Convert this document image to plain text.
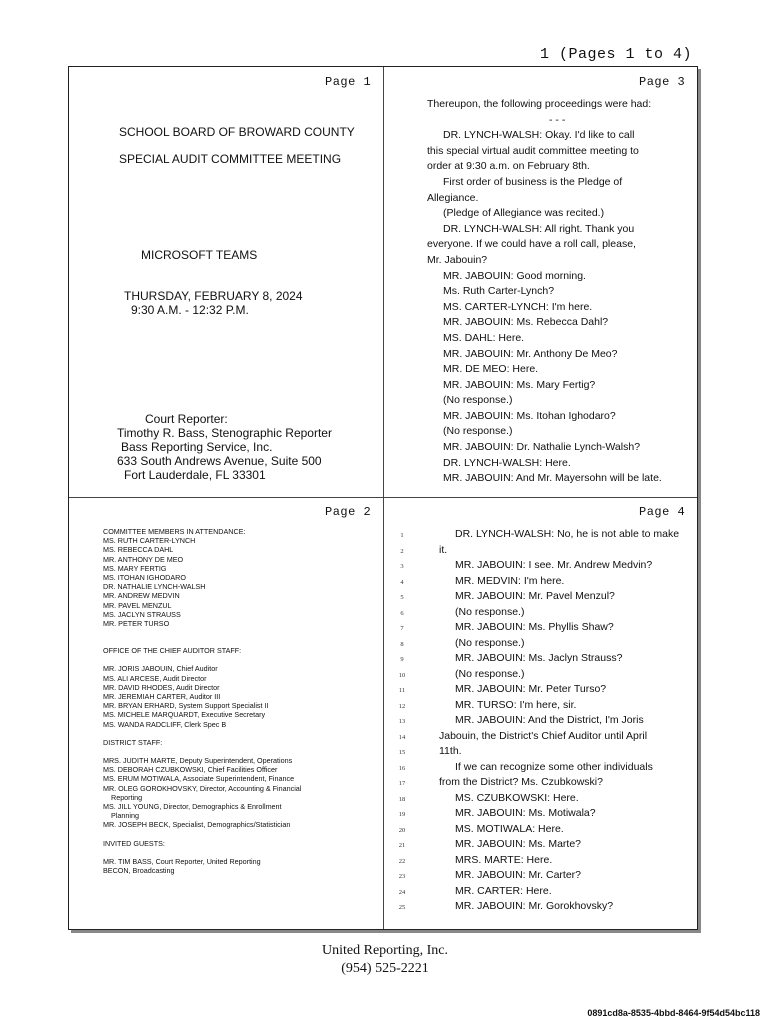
1 (Pages 1 to 4)
Page 1
SCHOOL BOARD OF BROWARD COUNTY
SPECIAL AUDIT COMMITTEE MEETING
MICROSOFT TEAMS
THURSDAY, FEBRUARY 8, 2024
9:30 A.M. - 12:32 P.M.
Court Reporter:
Timothy R. Bass, Stenographic Reporter
Bass Reporting Service, Inc.
633 South Andrews Avenue, Suite 500
Fort Lauderdale, FL 33301
Page 3
Thereupon, the following proceedings were had:
- - -
DR. LYNCH-WALSH: Okay. I'd like to call
this special virtual audit committee meeting to
order at 9:30 a.m. on February 8th.
First order of business is the Pledge of
Allegiance.
(Pledge of Allegiance was recited.)
DR. LYNCH-WALSH: All right. Thank you
everyone. If we could have a roll call, please,
Mr. Jabouin?
MR. JABOUIN: Good morning.
Ms. Ruth Carter-Lynch?
MS. CARTER-LYNCH: I'm here.
MR. JABOUIN: Ms. Rebecca Dahl?
MS. DAHL: Here.
MR. JABOUIN: Mr. Anthony De Meo?
MR. DE MEO: Here.
MR. JABOUIN: Ms. Mary Fertig?
(No response.)
MR. JABOUIN: Ms. Itohan Ighodaro?
(No response.)
MR. JABOUIN: Dr. Nathalie Lynch-Walsh?
DR. LYNCH-WALSH: Here.
MR. JABOUIN: And Mr. Mayersohn will be late.
Page 2
COMMITTEE MEMBERS IN ATTENDANCE:
MS. RUTH CARTER-LYNCH
MS. REBECCA DAHL
MR. ANTHONY DE MEO
MS. MARY FERTIG
MS. ITOHAN IGHODARO
DR. NATHALIE LYNCH-WALSH
MR. ANDREW MEDVIN
MR. PAVEL MENZUL
MS. JACLYN STRAUSS
MR. PETER TURSO
OFFICE OF THE CHIEF AUDITOR STAFF:
MR. JORIS JABOUIN, Chief Auditor
MS. ALI ARCESE, Audit Director
MR. DAVID RHODES, Audit Director
MR. JEREMIAH CARTER, Auditor III
MR. BRYAN ERHARD, System Support Specialist II
MS. MICHELE MARQUARDT, Executive Secretary
MS. WANDA RADCLIFF, Clerk Spec B
DISTRICT STAFF:
MRS. JUDITH MARTE, Deputy Superintendent, Operations
MS. DEBORAH CZUBKOWSKI, Chief Facilities Officer
MS. ERUM MOTIWALA, Associate Superintendent, Finance
MR. OLEG GOROKHOVSKY, Director, Accounting & Financial
Reporting
MS. JILL YOUNG, Director, Demographics & Enrollment
Planning
MR. JOSEPH BECK, Specialist, Demographics/Statistician
INVITED GUESTS:
MR. TIM BASS, Court Reporter, United Reporting
BECON, Broadcasting
Page 4
1
2
3
4
5
6
7
8
9
10
11
12
13
14
15
16
17
18
19
20
21
22
23
24
25
DR. LYNCH-WALSH: No, he is not able to make
it.
MR. JABOUIN: I see. Mr. Andrew Medvin?
MR. MEDVIN: I'm here.
MR. JABOUIN: Mr. Pavel Menzul?
(No response.)
MR. JABOUIN: Ms. Phyllis Shaw?
(No response.)
MR. JABOUIN: Ms. Jaclyn Strauss?
(No response.)
MR. JABOUIN: Mr. Peter Turso?
MR. TURSO: I'm here, sir.
MR. JABOUIN: And the District, I'm Joris
Jabouin, the District's Chief Auditor until April
11th.
If we can recognize some other individuals
from the District? Ms. Czubkowski?
MS. CZUBKOWSKI: Here.
MR. JABOUIN: Ms. Motiwala?
MS. MOTIWALA: Here.
MR. JABOUIN: Ms. Marte?
MRS. MARTE: Here.
MR. JABOUIN: Mr. Carter?
MR. CARTER: Here.
MR. JABOUIN: Mr. Gorokhovsky?
United Reporting, Inc.
(954) 525-2221
0891cd8a-8535-4bbd-8464-9f54d54bc118
